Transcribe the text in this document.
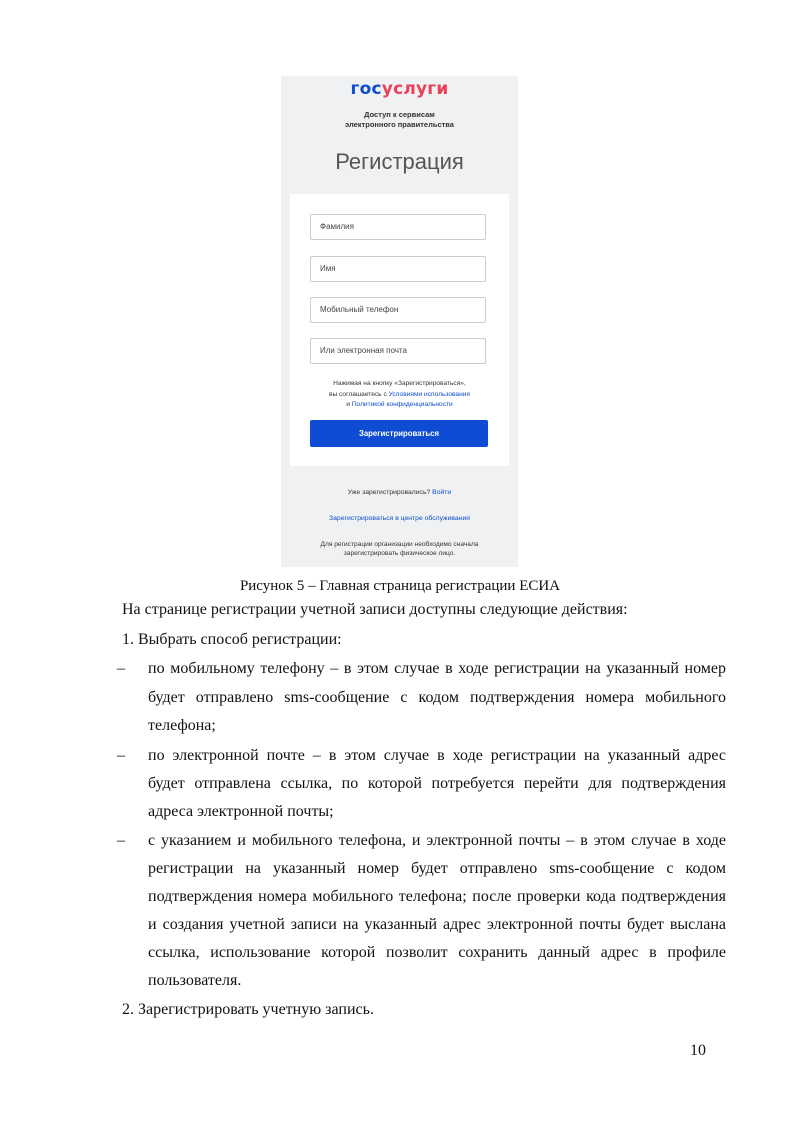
госуслуги
Доступ к сервисам
электронного правительства
Регистрация
Фамилия
Имя
Мобильный телефон
Или электронная почта
Нажимая на кнопку «Зарегистрироваться»,
вы соглашаетесь с Условиями использования
и Политикой конфиденциальности
Зарегистрироваться
Уже зарегистрировались? Войти
Зарегистрироваться в центре обслуживания
Для регистрации организации необходимо сначала
зарегистрировать физическое лицо.
Рисунок 5 – Главная страница регистрации ЕСИА
На странице регистрации учетной записи доступны следующие действия:
1. Выбрать способ регистрации:
– по мобильному телефону – в этом случае в ходе регистрации на указанный номер
будет отправлено sms-сообщение с кодом подтверждения номера мобильного
телефона;
– по электронной почте – в этом случае в ходе регистрации на указанный адрес
будет отправлена ссылка, по которой потребуется перейти для подтверждения
адреса электронной почты;
– с указанием и мобильного телефона, и электронной почты – в этом случае в ходе
регистрации на указанный номер будет отправлено sms-сообщение с кодом
подтверждения номера мобильного телефона; после проверки кода подтверждения
и создания учетной записи на указанный адрес электронной почты будет выслана
ссылка, использование которой позволит сохранить данный адрес в профиле
пользователя.
2. Зарегистрировать учетную запись.
10
